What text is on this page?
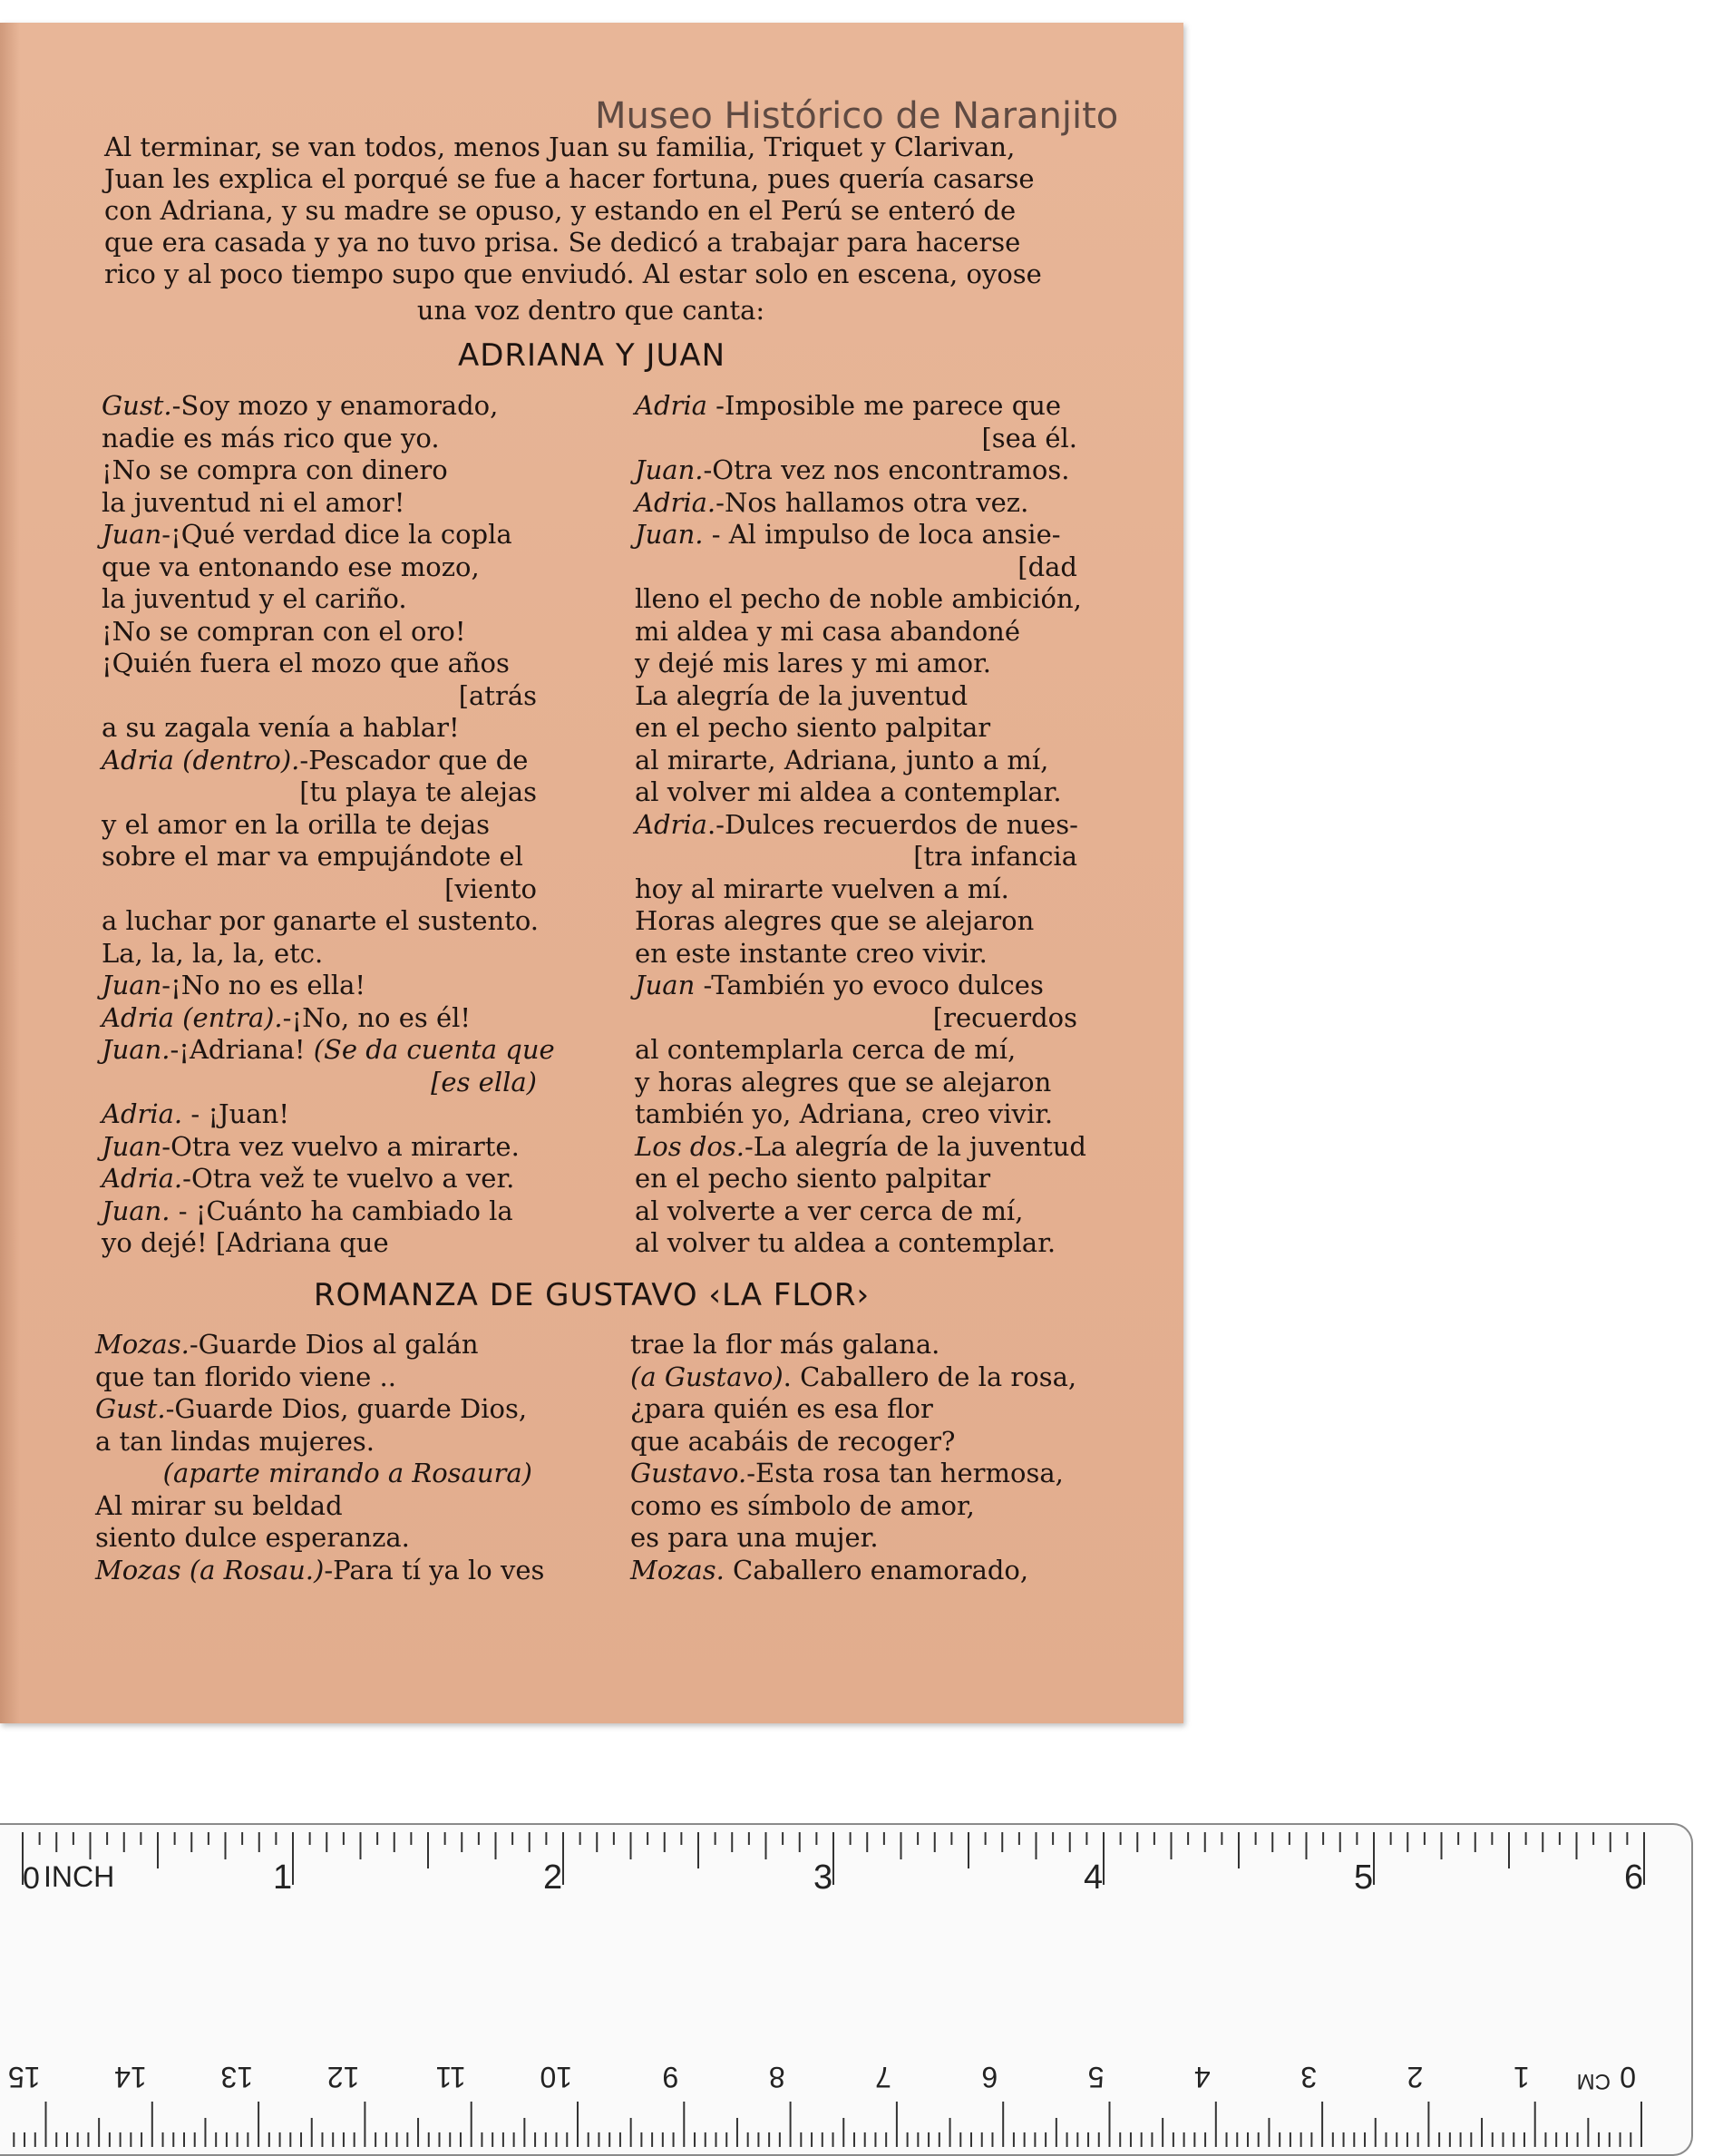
Museo Histórico de Naranjito
Al terminar, se van todos, menos Juan su familia, Triquet y Clarivan,
Juan les explica el porqué se fue a hacer fortuna, pues quería casarse
con Adriana, y su madre se opuso, y estando en el Perú se enteró de
que era casada y ya no tuvo prisa. Se dedicó a trabajar para hacerse
rico y al poco tiempo supo que enviudó. Al estar solo en escena, oyose
una voz dentro que canta:
ADRIANA Y JUAN
Gust.-Soy mozo y enamorado,
nadie es más rico que yo.
¡No se compra con dinero
la juventud ni el amor!
Juan-¡Qué verdad dice la copla
que va entonando ese mozo,
la juventud y el cariño.
¡No se compran con el oro!
¡Quién fuera el mozo que años
[atrás
a su zagala venía a hablar!
Adria (dentro).-Pescador que de
[tu playa te alejas
y el amor en la orilla te dejas
sobre el mar va empujándote el
[viento
a luchar por ganarte el sustento.
La, la, la, la, etc.
Juan-¡No no es ella!
Adria (entra).-¡No, no es él!
Juan.-¡Adriana! (Se da cuenta que
[es ella)
Adria. - ¡Juan!
Juan-Otra vez vuelvo a mirarte.
Adria.-Otra vež te vuelvo a ver.
Juan. - ¡Cuánto ha cambiado la
yo dejé! [Adriana que
Adria -Imposible me parece que
[sea él.
Juan.-Otra vez nos encontramos.
Adria.-Nos hallamos otra vez.
Juan. - Al impulso de loca ansie-
[dad
lleno el pecho de noble ambición,
mi aldea y mi casa abandoné
y dejé mis lares y mi amor.
La alegría de la juventud
en el pecho siento palpitar
al mirarte, Adriana, junto a mí,
al volver mi aldea a contemplar.
Adria.-Dulces recuerdos de nues-
[tra infancia
hoy al mirarte vuelven a mí.
Horas alegres que se alejaron
en este instante creo vivir.
Juan -También yo evoco dulces
[recuerdos
al contemplarla cerca de mí,
y horas alegres que se alejaron
también yo, Adriana, creo vivir.
Los dos.-La alegría de la juventud
en el pecho siento palpitar
al volverte a ver cerca de mí,
al volver tu aldea a contemplar.
ROMANZA DE GUSTAVO ‹LA FLOR›
Mozas.-Guarde Dios al galán
que tan florido viene ..
Gust.-Guarde Dios, guarde Dios,
a tan lindas mujeres.
(aparte mirando a Rosaura)
Al mirar su beldad
siento dulce esperanza.
Mozas (a Rosau.)-Para tí ya lo ves
trae la flor más galana.
(a Gustavo). Caballero de la rosa,
¿para quién es esa flor
que acabáis de recoger?
Gustavo.-Esta rosa tan hermosa,
como es símbolo de amor,
es para una mujer.
Mozas. Caballero enamorado,
0	1	2	3	4	5	6
INCH
0
1
2
3
4
5
6
7
8
9
10
11
12
13
14
15	CM
